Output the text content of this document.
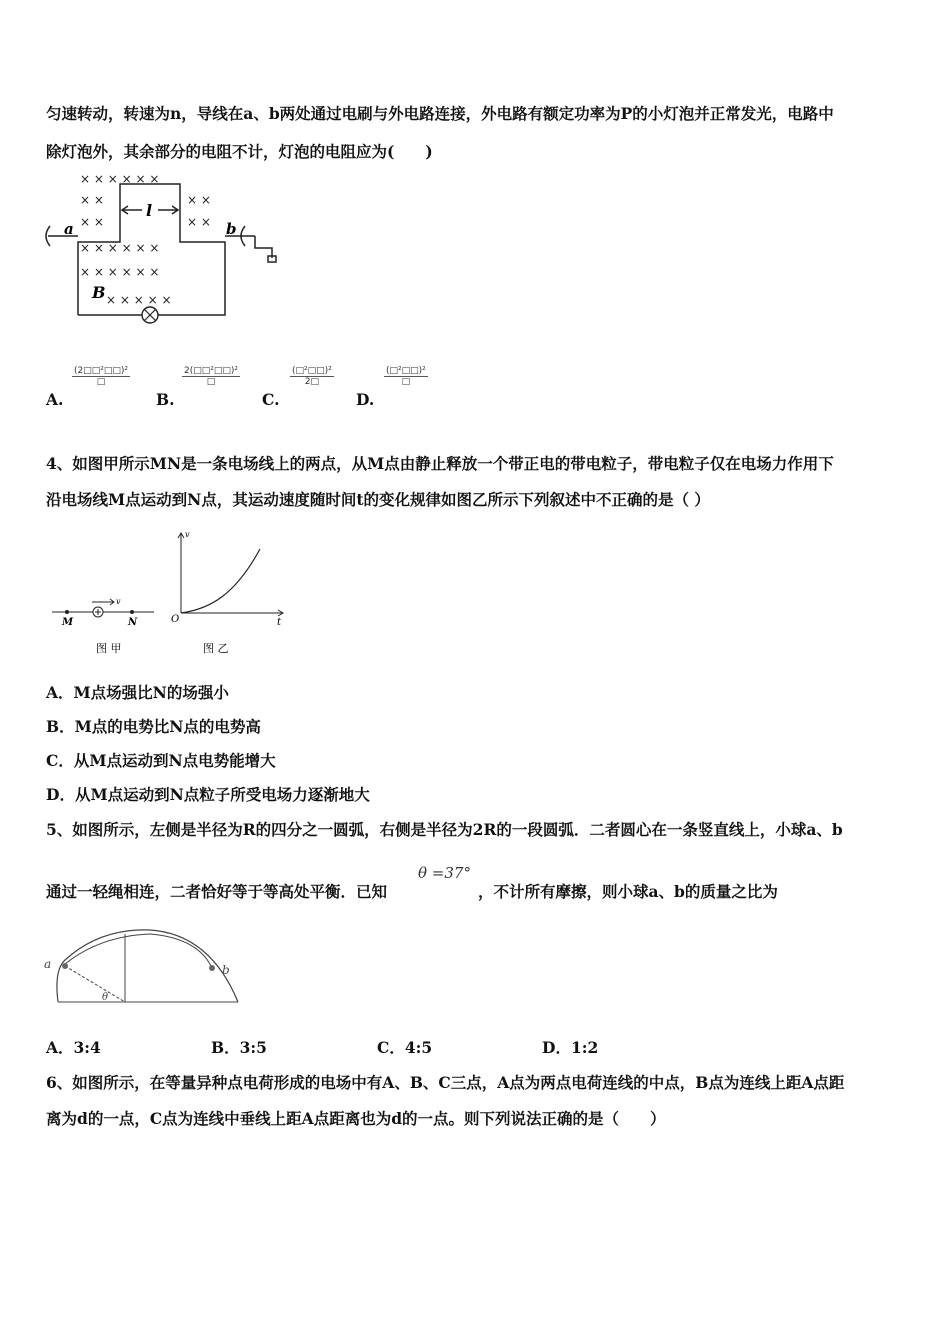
匀速转动，转速为n，导线在a、b两处通过电刷与外电路连接，外电路有额定功率为P的小灯泡并正常发光，电路中
除灯泡外，其余部分的电阻不计，灯泡的电阻应为(　　)
× × × × × ×
× ×	× ×
× ×	× ×
× × × × × ×
× × × × × ×
× × × × ×
a	b
l
B
A.
(2□□²□□)²
□
B.
2(□□²□□)²
□
C.
(□²□□)²
2□
D.
(□²□□)²
□
4、如图甲所示MN是一条电场线上的两点，从M点由静止释放一个带正电的带电粒子，带电粒子仅在电场力作用下
沿电场线M点运动到N点，其运动速度随时间t的变化规律如图乙所示下列叙述中不正确的是（ ）
v
M	N
图 甲
v
t
O
图 乙
A．M点场强比N的场强小
B．M点的电势比N点的电势高
C．从M点运动到N点电势能增大
D．从M点运动到N点粒子所受电场力逐渐地大
5、如图所示，左侧是半径为R的四分之一圆弧，右侧是半径为2R的一段圆弧．二者圆心在一条竖直线上，小球a、b
通过一轻绳相连，二者恰好等于等高处平衡．已知
θ =37°
，不计所有摩擦，则小球a、b的质量之比为
a	b
θ
A．3:4	B．3:5	C．4:5	D．1:2
6、如图所示，在等量异种点电荷形成的电场中有A、B、C三点，A点为两点电荷连线的中点，B点为连线上距A点距
离为d的一点，C点为连线中垂线上距A点距离也为d的一点。则下列说法正确的是（　　）
